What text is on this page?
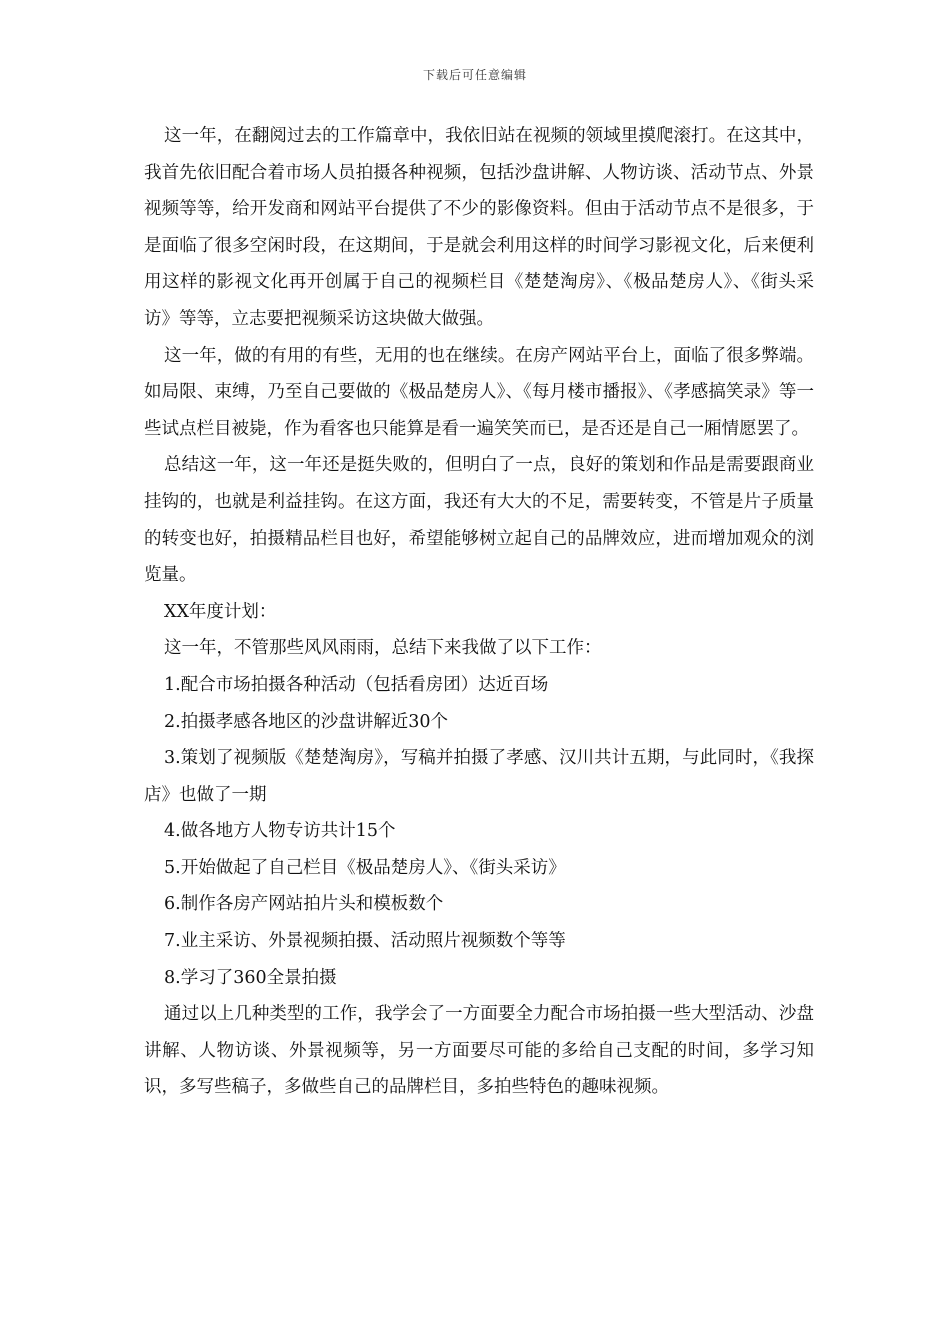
下载后可任意编辑

这一年，在翻阅过去的工作篇章中，我依旧站在视频的领域里摸爬滚打。在这其中，我首先依旧配合着市场人员拍摄各种视频，包括沙盘讲解、人物访谈、活动节点、外景视频等等，给开发商和网站平台提供了不少的影像资料。但由于活动节点不是很多，于是面临了很多空闲时段，在这期间，于是就会利用这样的时间学习影视文化，后来便利用这样的影视文化再开创属于自己的视频栏目《楚楚淘房》、《极品楚房人》、《街头采访》等等，立志要把视频采访这块做大做强。

这一年，做的有用的有些，无用的也在继续。在房产网站平台上，面临了很多弊端。如局限、束缚，乃至自己要做的《极品楚房人》、《每月楼市播报》、《孝感搞笑录》等一些试点栏目被毙，作为看客也只能算是看一遍笑笑而已，是否还是自己一厢情愿罢了。

总结这一年，这一年还是挺失败的，但明白了一点，良好的策划和作品是需要跟商业挂钩的，也就是利益挂钩。在这方面，我还有大大的不足，需要转变，不管是片子质量的转变也好，拍摄精品栏目也好，希望能够树立起自己的品牌效应，进而增加观众的浏览量。

XX年度计划：

这一年，不管那些风风雨雨，总结下来我做了以下工作：

1.配合市场拍摄各种活动（包括看房团）达近百场

2.拍摄孝感各地区的沙盘讲解近30个

3.策划了视频版《楚楚淘房》，写稿并拍摄了孝感、汉川共计五期，与此同时，《我探店》也做了一期

4.做各地方人物专访共计15个

5.开始做起了自己栏目《极品楚房人》、《街头采访》

6.制作各房产网站拍片头和模板数个

7.业主采访、外景视频拍摄、活动照片视频数个等等

8.学习了360全景拍摄

通过以上几种类型的工作，我学会了一方面要全力配合市场拍摄一些大型活动、沙盘讲解、人物访谈、外景视频等，另一方面要尽可能的多给自己支配的时间，多学习知识，多写些稿子，多做些自己的品牌栏目，多拍些特色的趣味视频。
